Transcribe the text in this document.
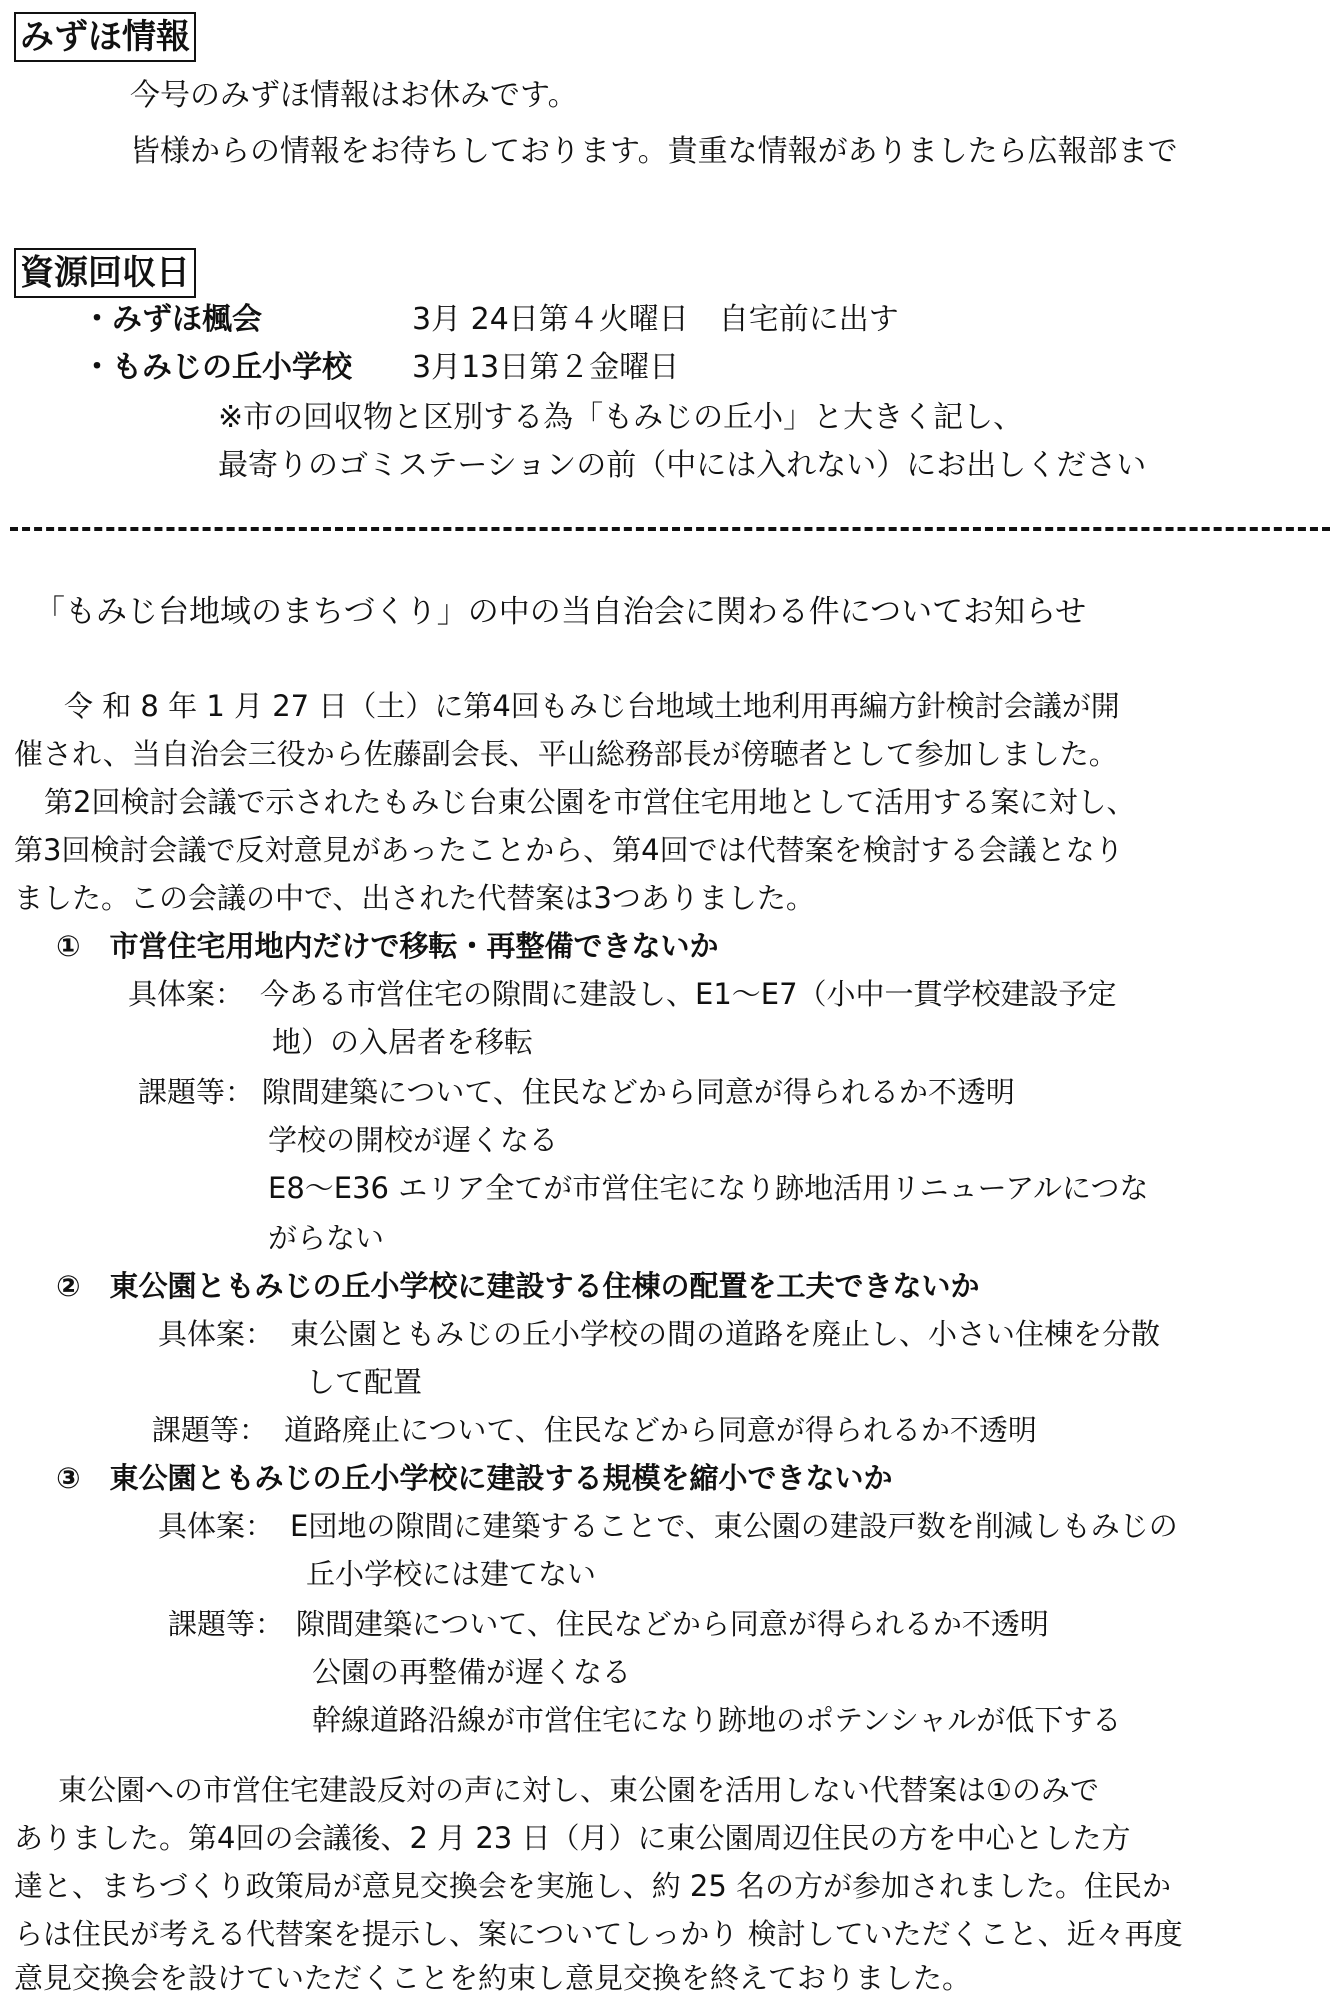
みずほ情報
今号のみずほ情報はお休みです。
皆様からの情報をお待ちしております。貴重な情報がありましたら広報部まで
資源回収日
・みずほ楓会	3月 24日第４火曜日　自宅前に出す
・もみじの丘小学校 3月13日第２金曜日
※市の回収物と区別する為「もみじの丘小」と大きく記し、
最寄りのゴミステーションの前（中には入れない）にお出しください
「もみじ台地域のまちづくり」の中の当自治会に関わる件についてお知らせ
令 和 8 年 1 月 27 日（土）に第4回もみじ台地域土地利用再編方針検討会議が開
催され、当自治会三役から佐藤副会長、平山総務部長が傍聴者として参加しました。
第2回検討会議で示されたもみじ台東公園を市営住宅用地として活用する案に対し、
第3回検討会議で反対意見があったことから、第4回では代替案を検討する会議となり
ました。この会議の中で、出された代替案は3つありました。
①　市営住宅用地内だけで移転・再整備できないか
具体案： 今ある市営住宅の隙間に建設し、E1～E7（小中一貫学校建設予定
地）の入居者を移転
課題等： 隙間建築について、住民などから同意が得られるか不透明
学校の開校が遅くなる
E8～E36 エリア全てが市営住宅になり跡地活用リニューアルにつな
がらない
②　東公園ともみじの丘小学校に建設する住棟の配置を工夫できないか
具体案： 東公園ともみじの丘小学校の間の道路を廃止し、小さい住棟を分散
して配置
課題等： 道路廃止について、住民などから同意が得られるか不透明
③　東公園ともみじの丘小学校に建設する規模を縮小できないか
具体案： E団地の隙間に建築することで、東公園の建設戸数を削減しもみじの
丘小学校には建てない
課題等： 隙間建築について、住民などから同意が得られるか不透明
公園の再整備が遅くなる
幹線道路沿線が市営住宅になり跡地のポテンシャルが低下する
東公園への市営住宅建設反対の声に対し、東公園を活用しない代替案は①のみで
ありました。第4回の会議後、2 月 23 日（月）に東公園周辺住民の方を中心とした方
達と、まちづくり政策局が意見交換会を実施し、約 25 名の方が参加されました。住民か
らは住民が考える代替案を提示し、案についてしっかり 検討していただくこと、近々再度
意見交換会を設けていただくことを約束し意見交換を終えておりました。
